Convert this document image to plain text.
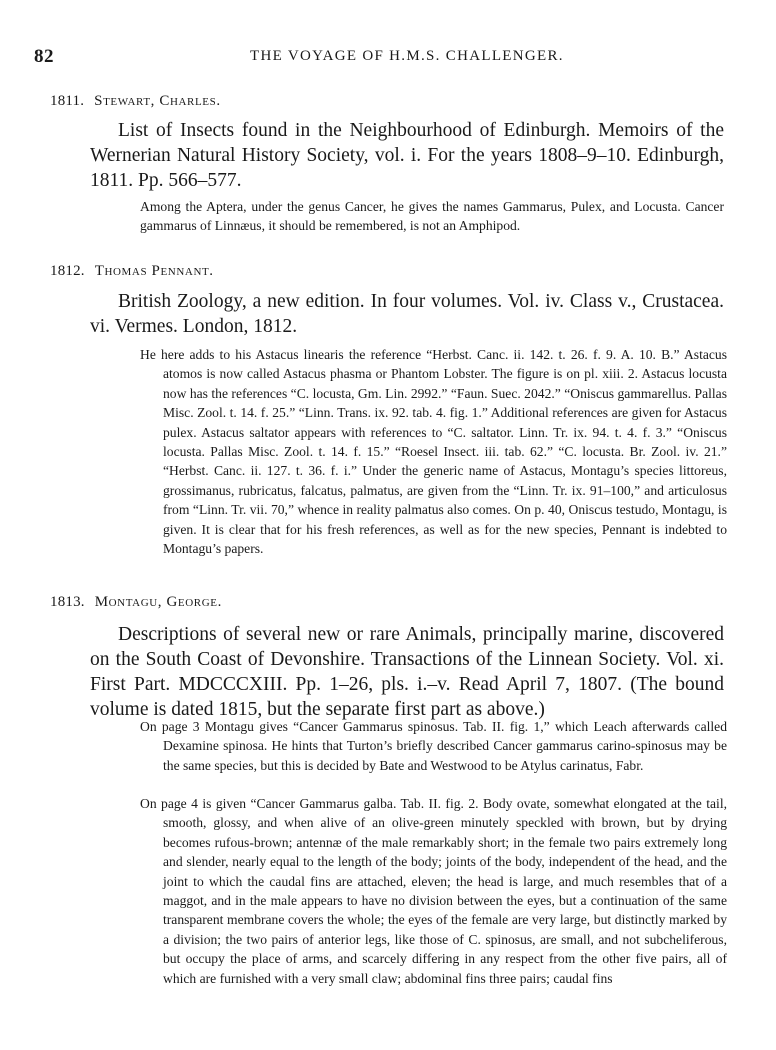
82	THE VOYAGE OF H.M.S. CHALLENGER.
1811. Stewart, Charles.

List of Insects found in the Neighbourhood of Edinburgh. Memoirs of the Wernerian Natural History Society, vol. i. For the years 1808–9–10. Edinburgh, 1811. Pp. 566–577.

Among the Aptera, under the genus Cancer, he gives the names Gammarus, Pulex, and Locusta. Cancer gammarus of Linnæus, it should be remembered, is not an Amphipod.

1812. Thomas Pennant.

British Zoology, a new edition. In four volumes. Vol. iv. Class v., Crustacea. vi. Vermes. London, 1812.

He here adds to his Astacus linearis the reference “Herbst. Canc. ii. 142. t. 26. f. 9. A. 10. B.” Astacus atomos is now called Astacus phasma or Phantom Lobster. The figure is on pl. xiii. 2. Astacus locusta now has the references “C. locusta, Gm. Lin. 2992.” “Faun. Suec. 2042.” “Oniscus gammarellus. Pallas Misc. Zool. t. 14. f. 25.” “Linn. Trans. ix. 92. tab. 4. fig. 1.” Additional references are given for Astacus pulex. Astacus saltator appears with references to “C. saltator. Linn. Tr. ix. 94. t. 4. f. 3.” “Oniscus locusta. Pallas Misc. Zool. t. 14. f. 15.” “Roesel Insect. iii. tab. 62.” “C. locusta. Br. Zool. iv. 21.” “Herbst. Canc. ii. 127. t. 36. f. i.” Under the generic name of Astacus, Montagu’s species littoreus, grossimanus, rubricatus, falcatus, palmatus, are given from the “Linn. Tr. ix. 91–100,” and articulosus from “Linn. Tr. vii. 70,” whence in reality palmatus also comes. On p. 40, Oniscus testudo, Montagu, is given. It is clear that for his fresh references, as well as for the new species, Pennant is indebted to Montagu’s papers.

1813. Montagu, George.

Descriptions of several new or rare Animals, principally marine, discovered on the South Coast of Devonshire. Transactions of the Linnean Society. Vol. xi. First Part. MDCCCXIII. Pp. 1–26, pls. i.–v. Read April 7, 1807. (The bound volume is dated 1815, but the separate first part as above.)

On page 3 Montagu gives “Cancer Gammarus spinosus. Tab. II. fig. 1,” which Leach afterwards called Dexamine spinosa. He hints that Turton’s briefly described Cancer gammarus carino-spinosus may be the same species, but this is decided by Bate and Westwood to be Atylus carinatus, Fabr.

On page 4 is given “Cancer Gammarus galba. Tab. II. fig. 2. Body ovate, somewhat elongated at the tail, smooth, glossy, and when alive of an olive-green minutely speckled with brown, but by drying becomes rufous-brown; antennæ of the male remarkably short; in the female two pairs extremely long and slender, nearly equal to the length of the body; joints of the body, independent of the head, and the joint to which the caudal fins are attached, eleven; the head is large, and much resembles that of a maggot, and in the male appears to have no division between the eyes, but a continuation of the same transparent membrane covers the whole; the eyes of the female are very large, but distinctly marked by a division; the two pairs of anterior legs, like those of C. spinosus, are small, and not subcheliferous, but occupy the place of arms, and scarcely differing in any respect from the other five pairs, all of which are furnished with a very small claw; abdominal fins three pairs; caudal fins
